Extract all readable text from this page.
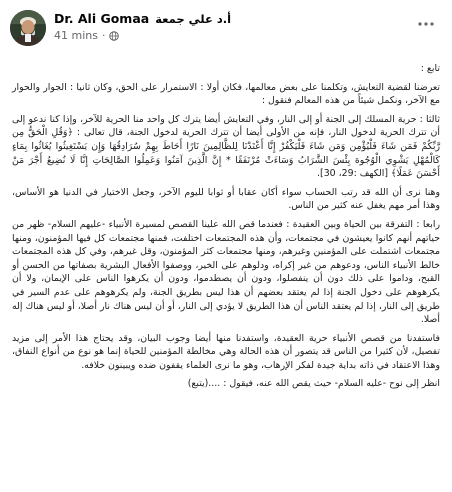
Dr. Ali Gomaa أ.د علي جمعة
41 mins ·

تابع :

تعرضنا لقضية التعايش، وتكلمنا على بعض معالمها، فكان أولا : الاستمرار على الحق، وكان ثانيا : الجوار والحوار مع الآخر، ونكمل شيئاً من هذه المعالم فنقول :

ثالثا : حرية المسلك إلى الجنة أو إلى النار، وفي التعايش أيضا يترك كل واحد منا الحرية للآخر، وإذا كنا ندعو إلى أن تترك الحرية لدخول النار، فإنه من الأولى أيضا أن تترك الحرية لدخول الجنة، قال تعالى : ﴿وَقُلِ الْحَقُّ مِن رَّبِّكُمْ فَمَن شَاءَ فَلْيُؤْمِن وَمَن شَاءَ فَلْيَكْفُرْ إِنَّا أَعْتَدْنَا لِلظَّالِمِينَ نَارًا أَحَاطَ بِهِمْ سُرَادِقُهَا وَإِن يَسْتَغِيثُوا يُغَاثُوا بِمَاءٍ كَالْمُهْلِ يَشْوِي الْوُجُوهَ بِئْسَ الشَّرَابُ وَسَاءَتْ مُرْتَفَقًا * إِنَّ الَّذِينَ آمَنُوا وَعَمِلُوا الصَّالِحَاتِ إِنَّا لَا نُضِيعُ أَجْرَ مَنْ أَحْسَنَ عَمَلًا﴾ [الكهف :29، 30].

وهنا نرى أن الله قد رتب الحساب سواء أكان عقابا أو ثوابا لليوم الآخر، وجعل الاختيار في الدنيا هو الأساس، وهذا أمر مهم يغفل عنه كثير من الناس.

رابعا : التفرقة بين الحياة وبين العقيدة : فعندما قص الله علينا القصص لمسيرة الأنبياء -عليهم السلام- ظهر من حياتهم أنهم كانوا يعيشون في مجتمعات، وأن هذه المجتمعات اختلفت، فمنها مجتمعات كل فيها المؤمنون، ومنها مجتمعات اشتملت على المؤمنين وغيرهم، ومنها مجتمعات كثر المؤمنون، وقل غيرهم، وفي كل هذه المجتمعات خالط الأنبياء الناس، ودعوهم من غير إكراه، ودلوهم على الخير، ووصفوا الأفعال البشرية بصفاتها من الحسن أو القبح، وداموا على ذلك دون أن ينفصلوا، ودون أن يصطدموا، ودون أن يكرهوا الناس على الإيمان، ولا أن يكرهوهم على دخول الجنة إذا لم يعتقد بعضهم أن هذا ليس بطريق الجنة، ولم يكرهوهم على عدم السير في طريق إلى النار، إذا لم يعتقد الناس أن هذا الطريق لا يؤدي إلى النار، أو أن ليس هناك نار أصلا، أو ليس هناك إله أصلا.

فاستفدنا من قصص الأنبياء حرية العقيدة، واستفدنا منها أيضا وجوب البيان، وقد يحتاج هذا الأمر إلى مزيد تفصيل، لأن كثيرا من الناس قد يتصور أن هذه الحالة وهي مخالطة المؤمنين للحياة إنما هو نوع من أنواع النفاق، وهذا الاعتقاد في ذاته بداية جيدة لفكر الإرهاب، وهو ما نرى العلماء يقفون ضده ويبينون خلافه.

انظر إلى نوح -عليه السلام- حيث يقص الله عنه، فيقول : ....(يتبع)
